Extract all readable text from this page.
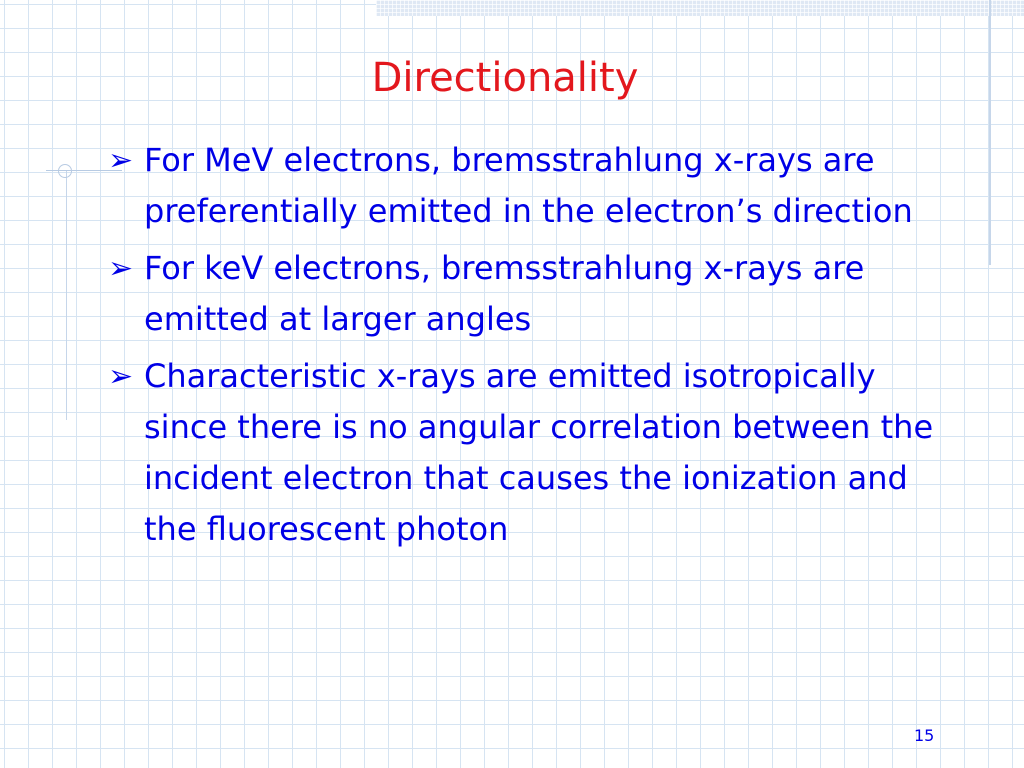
Directionality
➢ For MeV electrons, bremsstrahlung x-rays are preferentially emitted in the electron’s direction
➢ For keV electrons, bremsstrahlung x-rays are emitted at larger angles
➢ Characteristic x-rays are emitted isotropically since there is no angular correlation between the incident electron that causes the ionization and the fluorescent photon
15
